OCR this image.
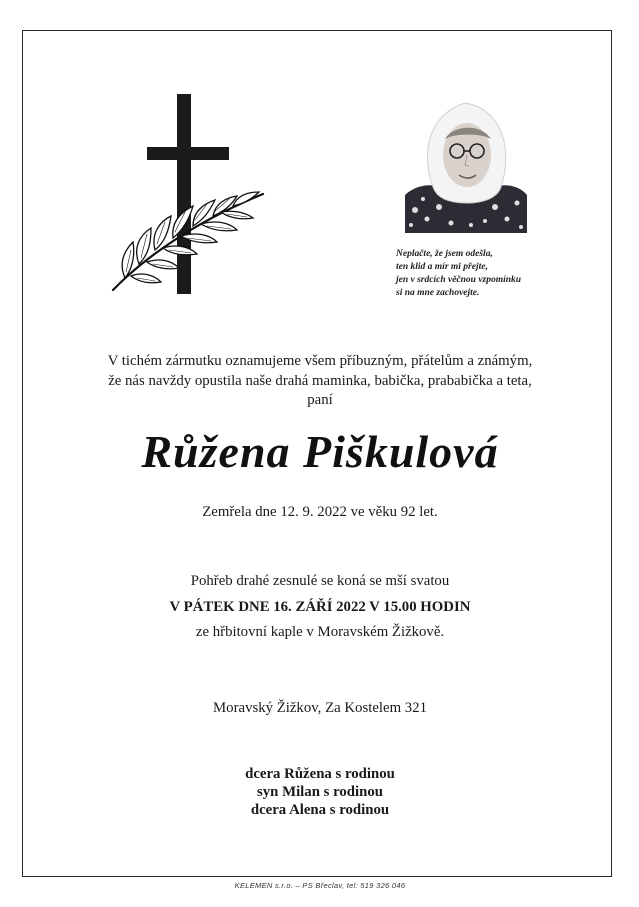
Neplačte, že jsem odešla,
ten klid a mír mi přejte,
jen v srdcích věčnou vzpomínku
si na mne zachovejte.
V tichém zármutku oznamujeme všem příbuzným, přátelům a známým,
že nás navždy opustila naše drahá maminka, babička, prababička a teta,
paní
Růžena Piškulová
Zemřela dne 12. 9. 2022 ve věku 92 let.
Pohřeb drahé zesnulé se koná se mší svatou
V PÁTEK DNE 16. ZÁŘÍ 2022 V 15.00 HODIN
ze hřbitovní kaple v Moravském Žižkově.
Moravský Žižkov, Za Kostelem 321
dcera Růžena s rodinou
syn Milan s rodinou
dcera Alena s rodinou
KELEMEN s.r.o. – PS Břeclav, tel: 519 326 046
